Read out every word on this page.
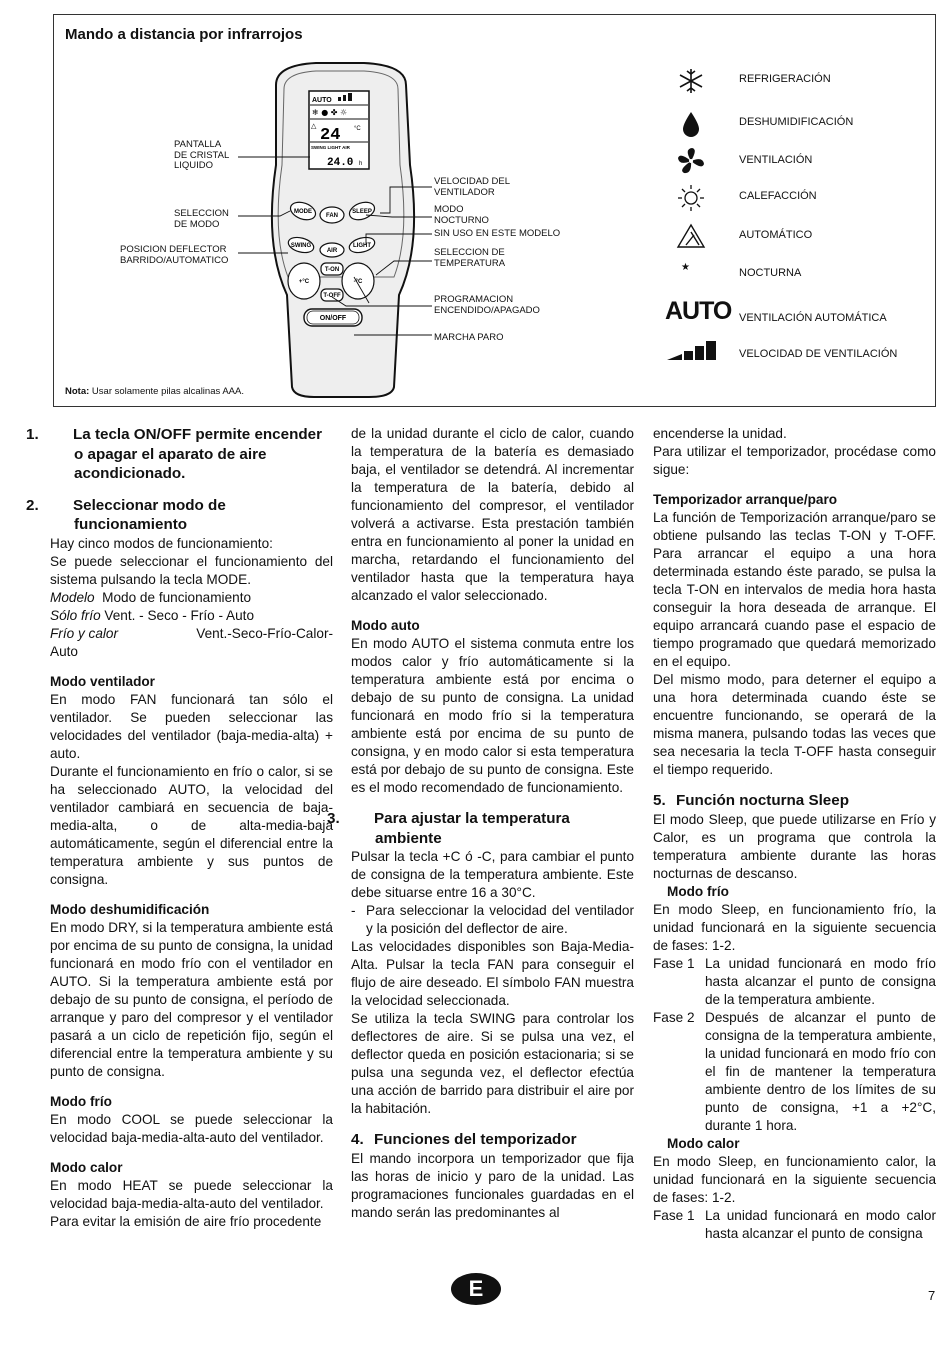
Mando a distancia por infrarrojos
AUTO
❄ ● ✤ ☼
△ 24 °C
SWING LIGHT AIR
24.0 h
MODE
FAN
SLEEP
SWING
AIR
LIGHT
+°C	-°C
T-ON
T-OFF
ON/OFF
PANTALLA
DE CRISTAL
LIQUIDO
SELECCION
DE MODO
POSICION DEFLECTOR
BARRIDO/AUTOMATICO
VELOCIDAD DEL
VENTILADOR
MODO
NOCTURNO
SIN USO EN ESTE MODELO
SELECCION DE
TEMPERATURA
PROGRAMACION
ENCENDIDO/APAGADO
MARCHA PARO
★
AUTO
REFRIGERACIÓN
DESHUMIDIFICACIÓN
VENTILACIÓN
CALEFACCIÓN
AUTOMÁTICO
NOCTURNA
VENTILACIÓN AUTOMÁTICA
VELOCIDAD DE VENTILACIÓN
Nota: Usar solamente pilas alcalinas AAA.
1. La tecla ON/OFF permite encender o apagar el aparato de aire acondicionado.
2. Seleccionar modo de funcionamiento

Hay cinco modos de funcionamiento:

Se puede seleccionar el funcionamiento del sistema pulsando la tecla MODE.

Modelo Modo de funcionamiento

Sólo frío Vent. - Seco - Frío - Auto

Frío y calor	Vent.-Seco-Frío-Calor-

Auto

Modo ventilador

En modo FAN funcionará tan sólo el ventilador. Se pueden seleccionar las velocidades del ventilador (baja-media-alta) + auto.

Durante el funcionamiento en frío o calor, si se ha seleccionado AUTO, la velocidad del ventilador cambiará en secuencia de baja-media-alta, o de alta-media-baja automáticamente, según el diferencial entre la temperatura ambiente y sus puntos de consigna.

Modo deshumidificación

En modo DRY, si la temperatura ambiente está por encima de su punto de consigna, la unidad funcionará en modo frío con el ventilador en AUTO. Si la temperatura ambiente está por debajo de su punto de consigna, el período de arranque y paro del compresor y el ventilador pasará a un ciclo de repetición fijo, según el diferencial entre la temperatura ambiente y su punto de consigna.

Modo frío

En modo COOL se puede seleccionar la velocidad baja-media-alta-auto del ventilador.

Modo calor

En modo HEAT se puede seleccionar la velocidad baja-media-alta-auto del ventilador.

Para evitar la emisión de aire frío procedente

de la unidad durante el ciclo de calor, cuando la temperatura de la batería es demasiado baja, el ventilador se detendrá. Al incrementar la temperatura de la batería, debido al funcionamiento del compresor, el ventilador volverá a activarse. Esta prestación también entra en funcionamiento al poner la unidad en marcha, retardando el funcionamiento del ventilador hasta que la temperatura haya alcanzado el valor seleccionado.

Modo auto

En modo AUTO el sistema conmuta entre los modos calor y frío automáticamente si la temperatura ambiente está por encima o debajo de su punto de consigna. La unidad funcionará en modo frío si la temperatura ambiente está por encima de su punto de consigna, y en modo calor si esta temperatura está por debajo de su punto de consigna. Este es el modo recomendado de funcionamiento.

3. Para ajustar la temperatura ambiente

Pulsar la tecla +C ó -C, para cambiar el punto de consigna de la temperatura ambiente. Este debe situarse entre 16 a 30°C.

- Para seleccionar la velocidad del ventilador y la posición del deflector de aire.

Las velocidades disponibles son Baja-Media-Alta. Pulsar la tecla FAN para conseguir el flujo de aire deseado. El símbolo FAN muestra la velocidad seleccionada.

Se utiliza la tecla SWING para controlar los deflectores de aire. Si se pulsa una vez, el deflector queda en posición estacionaria; si se pulsa una segunda vez, el deflector efectúa una acción de barrido para distribuir el aire por la habitación.

4. Funciones del temporizador

El mando incorpora un temporizador que fija las horas de inicio y paro de la unidad. Las programaciones funcionales guardadas en el mando serán las predominantes al

encenderse la unidad.

Para utilizar el temporizador, procédase como sigue:

Temporizador arranque/paro

La función de Temporización arranque/paro se obtiene pulsando las teclas T-ON y T-OFF. Para arrancar el equipo a una hora determinada estando éste parado, se pulsa la tecla T-ON en intervalos de media hora hasta conseguir la hora deseada de arranque. El equipo arrancará cuando pase el espacio de tiempo programado que quedará memorizado en el equipo.

Del mismo modo, para deterner el equipo a una hora determinada cuando éste se encuentre funcionando, se operará de la misma manera, pulsando todas las veces que sea necesaria la tecla T-OFF hasta conseguir el tiempo requerido.

5. Función nocturna Sleep

El modo Sleep, que puede utilizarse en Frío y Calor, es un programa que controla la temperatura ambiente durante las horas nocturnas de descanso.

Modo frío

En modo Sleep, en funcionamiento frío, la unidad funcionará en la siguiente secuencia de fases: 1-2.

Fase 1 La unidad funcionará en modo frío hasta alcanzar el punto de consigna de la temperatura ambiente.
Fase 2 Después de alcanzar el punto de consigna de la temperatura ambiente, la unidad funcionará en modo frío con el fin de mantener la temperatura ambiente dentro de los límites de su punto de consigna, +1 a +2°C, durante 1 hora.

Modo calor

En modo Sleep, en funcionamiento calor, la unidad funcionará en la siguiente secuencia de fases: 1-2.

Fase 1 La unidad funcionará en modo calor hasta alcanzar el punto de consigna
E	7
